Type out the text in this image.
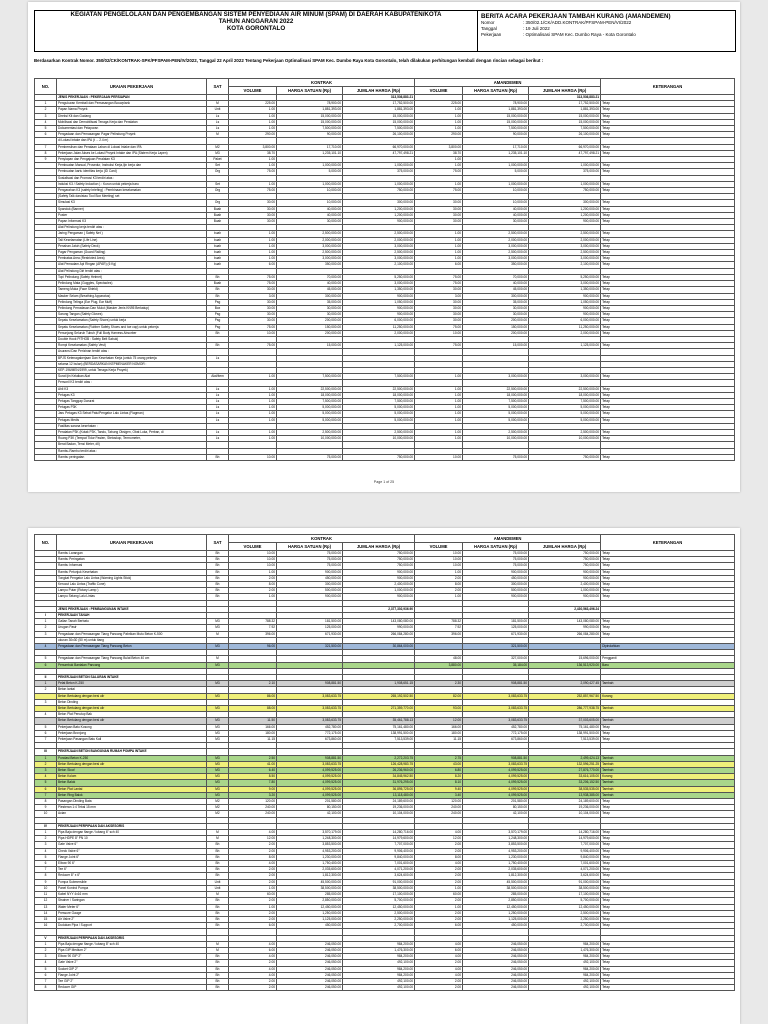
KEGIATAN PENGELOLAAN DAN PENGEMBANGAN SISTEM PENYEDIAAN AIR MINUM (SPAM) DI DAERAH KABUPATEN/KOTA
TAHUN ANGGARAN 2022
KOTA GORONTALO
BERITA ACARA PEKERJAAN TAMBAH KURANG (AMANDEMEN)
Nomor	: 350/02.1/CK/ADD.KONTRAK/PFSPAM-PEN/VI/2022
Tanggal	: 19 Juli 2022
Pekerjaan	: Optimalisasi SPAM Kec. Dumbo Raya - Kota Gorontalo
Berdasarkan Kontrak Nomor. 350/02/CK/KONTRAK-SPK/PFSPAM-PEN/IV/2022, Tanggal 22 April 2022 Tentang Pekerjaan Optimalisasi SPAM Kec. Dumbo Raya Kota Gorontalo, telah dilakukan perhitungan kembali dengan rincian sebagai berikut :
NO.	URAIAN PEKERJAAN	SAT	KONTRAK			AMANDEMEN			KETERANGAN
			VOLUME	HARGA SATUAN (Rp)	JUMLAH HARGA (Rp)	VOLUME	HARGA SATUAN (Rp)	JUMLAH HARGA (Rp)	
	JENIS PEKERJAAN : PEKERJAAN PERSIAPAN				313,536,883.21			313,536,883.21	
1	Pengukuran Kembali dan Pemasangan Bouwplank	M	225.00	78,900.00	17,752,500.00	225.00	78,900.00	17,752,500.00	Tetap
2	Papan Nama Proyek	Unit	1.00	1,881,393.00	1,881,393.00	1.00	1,881,393.00	1,881,393.00	Tetap
3	Direksi Kit dan Gudang	Ls	1.00	15,000,000.00	15,000,000.00	1.00	15,000,000.00	15,000,000.00	Tetap
4	Mobilisasi dan Demobilisasi Tenaga Kerja dan Peralatan	Ls	1.00	15,000,000.00	15,000,000.00	1.00	15,000,000.00	15,000,000.00	Tetap
5	Dokumentasi dan Pelaporan	Ls	1.00	7,500,000.00	7,500,000.00	1.00	7,500,000.00	7,500,000.00	Tetap
6	Pengadaan dan Pemasangan Pagar Pelindung Proyek	M	290.00	90,000.00	26,100,000.00	290.00	90,000.00	26,100,000.00	Tetap
	di Lokasi Intake dan IPA (t ... 2.4 m)								
7	Pembersihan dan Perataan Lahan di Lokasi Intake dan IPA	M2	3,800.00	17,710.00	66,970,000.00	3,800.00	17,710.00	66,970,000.00	Tetap
8	Pekerjaan Jalan Akses ke Lokasi Proyek Intake dan IPA (Sistem Kerja Lapen)	M3	38.70	1,235,101.10	47,797,498.21	38.70	1,235,101.10	47,797,498.21	Tetap
9	Penyiapan dan Pengajuan Peralatan K3	Paket	1.00			1.00			
	Pembuatan Manual, Prosedur, Instruksi Kerja,Ijin kerja dan	Set	1.00	1,000,000.00	1,000,000.00	1.00	1,000,000.00	1,000,000.00	Tetap
	Pembuatan kartu identitas kerja (ID Card)	Org	75.00	5,000.00	375,000.00	75.00	5,000.00	375,000.00	Tetap
	Sosialisasi dan Promosi K3 terdiri atas :								
	Induksi K3 / Safety Induction ) : Kurun untuk pekerja baru	Set	1.00	1,000,000.00	1,000,000.00	1.00	1,000,000.00	1,000,000.00	Tetap
	Pengarahan K3 (safety briefing) : Pembinaan keselamatan	Org	75.00	10,000.00	750,000.00	75.00	10,000.00	750,000.00	Tetap
	(Safety Talk dan/atau Tool Box Meeting) set								
	Simulasi K3	Org	30.00	10,000.00	300,000.00	30.00	10,000.00	300,000.00	Tetap
	Spanduk (Banner)	Buah	30.00	40,000.00	1,200,000.00	30.00	40,000.00	1,200,000.00	Tetap
	Poster	Buah	30.00	40,000.00	1,200,000.00	30.00	40,000.00	1,200,000.00	Tetap
	Papan Informasi K3	Buah	30.00	30,000.00	900,000.00	30.00	30,000.00	900,000.00	Tetap
	Alat Pelindung kerja terdiri atas :								
	Jaring Pengaman ( Safety Net )	buah	1.00	2,500,000.00	2,500,000.00	1.00	2,500,000.00	2,500,000.00	Tetap
	Tali Keselamatan (Life Line)	buah	1.00	2,000,000.00	2,000,000.00	1.00	2,000,000.00	2,000,000.00	Tetap
	Penahan Jatuh (Safety Deck)	buah	1.00	3,000,000.00	3,000,000.00	1.00	3,000,000.00	3,000,000.00	Tetap
	Pagar Pengaman (Guard Railing)	buah	1.00	2,500,000.00	2,500,000.00	1.00	2,500,000.00	2,500,000.00	Tetap
	Pembatas Area (Restricted Area)	buah	1.00	3,000,000.00	3,000,000.00	1.00	3,000,000.00	3,000,000.00	Tetap
	Alat Pemadam Api Ringan (APAR) (6 Kg)	buah	6.00	350,000.00	2,100,000.00	6.00	350,000.00	2,100,000.00	Tetap
	Alat Pelindung Diri terdiri atas :								
	Topi Pelindung (Safety Helmet)	Bh	75.00	70,000.00	5,250,000.00	75.00	70,000.00	5,250,000.00	Tetap
	Pelindung Mata (Goggles, Spectacles)	Buah	75.00	40,000.00	3,000,000.00	75.00	40,000.00	3,000,000.00	Tetap
	Tameng Muka (Face Shield)	Bh	30.00	45,000.00	1,350,000.00	30.00	45,000.00	1,350,000.00	Tetap
	Masker Selam (Breathing Apparatus)	Bh	3.00	300,000.00	900,000.00	3.00	300,000.00	900,000.00	Tetap
	Pelindung Telinga (Ear Plug, Ear Muff)	Psg	30.00	35,000.00	1,050,000.00	30.00	35,000.00	1,050,000.00	Tetap
	Pelindung Pernafasan Dan Mulut (Masker Jenis KN95 Berkatup)	Box	30.00	30,000.00	900,000.00	30.00	30,000.00	900,000.00	Tetap
	Sarung Tangan (Safety Gloves)	Psg	30.00	30,000.00	900,000.00	30.00	30,000.00	900,000.00	Tetap
	Sepatu Keselamatan (Safety Shoes) untuk kerja	Psg	30.00	200,000.00	6,000,000.00	30.00	200,000.00	6,000,000.00	Tetap
	Sepatu Keselamatan (Rubber Safety Shoes and toe cap) untuk pekerja	Psg	75.00	150,000.00	11,250,000.00	75.00	150,000.00	11,250,000.00	Tetap
	Penunjang Seluruh Tubuh (Full Body Harness Absorber	Bh	10.00	200,000.00	2,000,000.00	10.00	200,000.00	2,000,000.00	Tetap
	Double Hook PITHOB : Safety Belt Sabuk)								
	Rompi Keselamatan (Safety Vest)	Bh	75.00	15,000.00	1,125,000.00	75.00	15,000.00	1,125,000.00	Tetap
	Asuransi Dan Perizinan terdiri atas :								
	BPJS Ketenagakerjaan Dan Kesehatan Kerja (untuk 75 orang pekerja	Ls							
	selama 12 bulan) (BERDASARKAN KEPMENAKER NOMOR :								
	KEP-196/MEN/1999, untuk Tenaga Kerja Proyek)								
	Surat Ijin Kelaikan Alat	Alat/Item	1.00	7,500,000.00	7,500,000.00	1.00	3,000,000.00	3,000,000.00	Tetap
	Personil K3 terdiri atas :								
	Ahli K3	Ls	1.00	22,500,000.00	22,500,000.00	1.00	22,500,000.00	22,500,000.00	Tetap
	Petugas K3	Ls	1.00	18,000,000.00	18,000,000.00	1.00	18,000,000.00	18,000,000.00	Tetap
	Petugas Tanggap Darurat	Ls	1.00	7,500,000.00	7,500,000.00	1.00	7,500,000.00	7,500,000.00	Tetap
	Petugas P3K	Ls	1.00	5,000,000.00	5,000,000.00	1.00	5,000,000.00	5,000,000.00	Tetap
	Jaru Petugas K3 Sehat Patu/Pengatur Lalu Lintas (Flagman)	Ls	1.00	5,000,000.00	5,000,000.00	1.00	5,000,000.00	5,000,000.00	Tetap
	Petugas Medis	Ls	1.00	5,000,000.00	5,000,000.00	1.00	5,000,000.00	5,000,000.00	Tetap
	Fasilitas sarana kesehatan :								
	Peralatan P3K (Kotak P3K, Tandu, Tabung Oksigen, Obat Luka, Perban, di	Ls	1.00	2,500,000.00	2,500,000.00	1.00	2,500,000.00	2,500,000.00	Tetap
	Ruang P3K (Tempat Tidur Pasien, Stetoskop, Termometer,	Ls	1.00	10,000,000.00	10,000,000.00	1.00	10,000,000.00	10,000,000.00	Tetap
	Berat Badan, Tensi Meter, dll)								
	Rambu-Rambu terdiri atas :								
	Rambu peringatan	Bh	10.00	75,000.00	750,000.00	10.00	75,000.00	750,000.00	Tetap
Page 1 of 25
NO.	URAIAN PEKERJAAN	SAT	KONTRAK			AMANDEMEN			KETERANGAN
			VOLUME	HARGA SATUAN (Rp)	JUMLAH HARGA (Rp)	VOLUME	HARGA SATUAN (Rp)	JUMLAH HARGA (Rp)	
	Rambu Larangan	Bh	10.00	75,000.00	750,000.00	10.00	75,000.00	750,000.00	Tetap
	Rambu Peringatan	Bh	10.00	75,000.00	750,000.00	10.00	75,000.00	750,000.00	Tetap
	Rambu Informasi	Bh	10.00	75,000.00	750,000.00	10.00	75,000.00	750,000.00	Tetap
	Rambu Petunjuk Kesehatan	Bh	1.00	900,000.00	900,000.00	1.00	900,000.00	900,000.00	Tetap
	Tongkat Pengatur Lalu Lintas (Warning Lights Stick)	Bh	2.00	450,000.00	900,000.00	2.00	450,000.00	900,000.00	Tetap
	Kerucut Lalu Lintas (Traffic Cone)	Bh	8.00	300,000.00	2,400,000.00	8.00	300,000.00	2,400,000.00	Tetap
	Lampu Putar (Rotary Lamp )	Bh	2.00	500,000.00	1,000,000.00	2.00	500,000.00	1,000,000.00	Tetap
	Lampu Selang Lalu Lintas	Bh	1.00	900,000.00	900,000.00	1.00	900,000.00	900,000.00	Tetap

	JENIS PEKERJAAN : PEMBANGUNAN INTAKE				2,377,302,936.90			2,430,563,496.24	
I	PEKERJAAN TANAH								
1	Galian Tanah Berbatu	M3	788.32	181,500.00	143,080,080.00	788.32	181,500.00	143,080,080.00	Tetap
2	Urugan Pasir	M3	7.92	125,000.00	990,000.00	7.92	125,000.00	990,000.00	Tetap
3	Pengadaan dan Pemasangan Tiang Pancang Pabrikan Mutu Beton K-500	M	396.00	671,930.00	266,084,280.00	396.00	671,930.00	266,084,280.00	Tetap
	ukuran 30x30 (50 m) untuk tiang								
4	Pengadaan dan Pemasangan Tiang Pancang Beton	M3	96.00	321,500.00	30,864,000.00		321,500.00		Dipindahkan

5	Pengadaan dan Pemasangan Tiang Pancang Bulat Beton 40 cm	M				48.00	327,000.00	15,696,000.00	Pengganti
6	Penumbuk Bantalan Pancang	M3				3,880.00	35,184.00	136,513,920.00	Baru

II	PEKERJAAN BETON SALURAN INTAKE								
1	Pelat Beton K-250	M3	2.10	908,881.50	1,908,651.15	2.30	908,881.50	2,090,427.45	Tambah
2	Beton lantai								
	Beton Bertulang dengan besi ulir	M3	86.00	3,083,633.75	265,192,502.50	82.00	3,083,633.75	252,857,967.50	Kurang
3	Beton Dinding								
	Beton Bertulang dengan besi ulir	M3	88.00	3,083,633.75	271,359,770.00	93.00	3,083,633.75	286,777,938.75	Tambah
4	Beton Plat Penutup Bak								
	Beton Bertulang dengan besi ulir	M3	11.50	3,083,633.75	35,461,788.13	12.00	3,083,633.75	37,003,605.00	Tambah
5	Pekerjaan Batu Kosong	M3	166.00	452,780.00	75,161,480.00	166.00	452,780.00	75,161,480.00	Tetap
6	Pekerjaan Bronjong	M3	180.00	772,175.00	138,991,500.00	180.00	772,175.00	138,991,500.00	Tetap
7	Pekerjaan Pasangan Batu Kali	M3	11.15	673,860.00	7,513,539.00	11.15	673,860.00	7,513,539.00	Tetap

III	PEKERJAAN BETON BANGUNAN RUMAH POMPA INTAKE								
1	Pondasi Beton K-250	M3	2.50	908,881.50	2,272,203.75	2.75	908,881.50	2,499,424.13	Tambah
2	Beton Bertulang dengan besi ulir	M3	41.00	3,083,633.75	126,428,983.75	43.00	3,083,633.75	132,596,251.25	Tambah
3	Beton Sloof	M3	6.40	4,099,525.00	26,236,960.00	6.80	4,099,525.00	27,876,770.00	Tambah
4	Beton Kolom	M3	8.50	4,099,525.00	34,845,962.50	8.20	4,099,525.00	33,616,105.00	Kurang
5	Beton Balok	M3	7.80	4,099,525.00	31,976,295.00	8.10	4,099,525.00	33,206,152.50	Tambah
6	Beton Plat Lantai	M3	9.00	4,099,525.00	36,895,725.00	9.40	4,099,525.00	38,535,535.00	Tambah
7	Beton Ring Balok	M3	3.20	4,099,525.00	13,118,480.00	3.40	4,099,525.00	13,938,385.00	Tambah
8	Pasangan Dinding Bata	M2	120.00	201,580.00	24,189,600.00	120.00	201,580.00	24,189,600.00	Tetap
9	Plesteran 1:4 Tebal 15 mm	M2	240.00	80,150.00	19,236,000.00	240.00	80,150.00	19,236,000.00	Tetap
10	Acian	M2	240.00	42,100.00	10,104,000.00	240.00	42,100.00	10,104,000.00	Tetap

IV	PEKERJAAN PERPIPAAN DAN AKSESORIS								
1	Pipa Baja dengan flange / lubang 6" sch 40	M	4.00	3,570,179.00	14,280,716.00	4.00	3,570,179.00	14,280,716.00	Tetap
2	Pipa HDPE 8" PN 10	M	12.00	1,248,300.00	14,979,600.00	12.00	1,248,300.00	14,979,600.00	Tetap
3	Gate Valve 6"	Bh	2.00	3,853,500.00	7,707,000.00	2.00	3,853,500.00	7,707,000.00	Tetap
4	Check Valve 6"	Bh	2.00	4,953,200.00	9,906,400.00	2.00	4,953,200.00	9,906,400.00	Tetap
5	Flange Joint 6"	Bh	8.00	1,230,000.00	9,840,000.00	8.00	1,230,000.00	9,840,000.00	Tetap
6	Elbow 90 6"	Bh	4.00	1,750,400.00	7,001,600.00	4.00	1,750,400.00	7,001,600.00	Tetap
7	Tee 6"	Bh	2.00	2,035,600.00	4,071,200.00	2.00	2,035,600.00	4,071,200.00	Tetap
8	Reducer 8" x 6"	Bh	2.00	1,812,300.00	3,624,600.00	2.00	1,812,300.00	3,624,600.00	Tetap
9	Pompa Submersible	Unit	2.00	45,500,000.00	91,000,000.00	2.00	45,500,000.00	91,000,000.00	Tetap
10	Panel Kontrol Pompa	Unit	1.00	38,500,000.00	38,500,000.00	1.00	38,500,000.00	38,500,000.00	Tetap
11	Kabel NYY 4x16 mm	M	60.00	285,000.00	17,100,000.00	60.00	285,000.00	17,100,000.00	Tetap
12	Strainer / Saringan	Bh	2.00	2,850,000.00	5,700,000.00	2.00	2,850,000.00	5,700,000.00	Tetap
13	Water Meter 6"	Bh	1.00	12,450,000.00	12,450,000.00	1.00	12,450,000.00	12,450,000.00	Tetap
14	Pressure Gauge	Bh	2.00	1,250,000.00	2,500,000.00	2.00	1,250,000.00	2,500,000.00	Tetap
15	Air Valve 2"	Bh	2.00	1,125,000.00	2,250,000.00	2.00	1,125,000.00	2,250,000.00	Tetap
16	Dudukan Pipa / Support	Bh	6.00	450,000.00	2,700,000.00	6.00	450,000.00	2,700,000.00	Tetap

V	PEKERJAAN PERPIPAAN DAN AKSESORIS								
1	Pipa Baja dengan flange / lubang 8" sch 40	M	4.00	246,050.00	984,200.00	4.00	246,050.00	984,200.00	Tetap
2	Pipa GIP Medium 2"	M	6.00	246,050.00	1,476,300.00	6.00	246,050.00	1,476,300.00	Tetap
3	Elbow 90 GIP 2"	Bh	4.00	246,050.00	984,200.00	4.00	246,050.00	984,200.00	Tetap
4	Gate Valve 2"	Bh	2.00	246,050.00	492,100.00	2.00	246,050.00	492,100.00	Tetap
5	Socket GIP 2"	Bh	4.00	246,050.00	984,200.00	4.00	246,050.00	984,200.00	Tetap
6	Flange Joint 2"	Bh	4.00	246,050.00	984,200.00	4.00	246,050.00	984,200.00	Tetap
7	Tee GIP 2"	Bh	2.00	246,050.00	492,100.00	2.00	246,050.00	492,100.00	Tetap
8	Reducer GIP	Bh	2.00	246,050.00	492,100.00	2.00	246,050.00	492,100.00	Tetap
